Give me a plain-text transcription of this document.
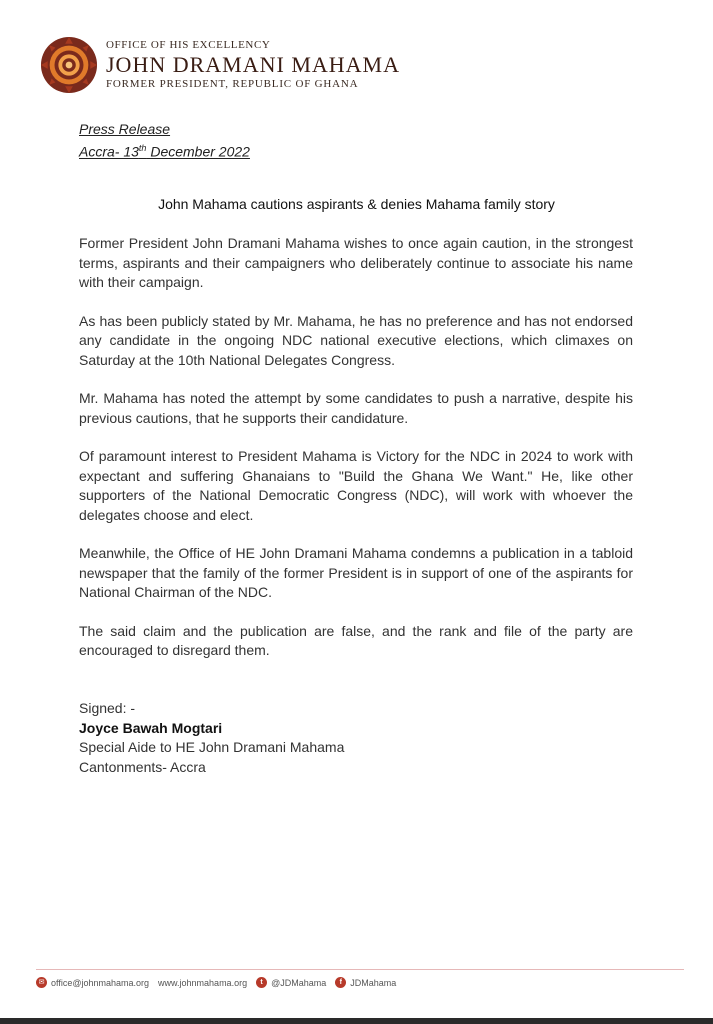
OFFICE OF HIS EXCELLENCY
JOHN DRAMANI MAHAMA
FORMER PRESIDENT, REPUBLIC OF GHANA
Press Release
Accra- 13th December 2022
John Mahama cautions aspirants & denies Mahama family story

Former President John Dramani Mahama wishes to once again caution, in the strongest terms, aspirants and their campaigners who deliberately continue to associate his name with their campaign.

As has been publicly stated by Mr. Mahama, he has no preference and has not endorsed any candidate in the ongoing NDC national executive elections, which climaxes on Saturday at the 10th National Delegates Congress.

Mr. Mahama has noted the attempt by some candidates to push a narrative, despite his previous cautions, that he supports their candidature.

Of paramount interest to President Mahama is Victory for the NDC in 2024 to work with expectant and suffering Ghanaians to "Build the Ghana We Want." He, like other supporters of the National Democratic Congress (NDC), will work with whoever the delegates choose and elect.

Meanwhile, the Office of HE John Dramani Mahama condemns a publication in a tabloid newspaper that the family of the former President is in support of one of the aspirants for National Chairman of the NDC.

The said claim and the publication are false, and the rank and file of the party are encouraged to disregard them.

Signed: -
Joyce Bawah Mogtari
Special Aide to HE John Dramani Mahama
Cantonments- Accra
✉ office@johnmahama.org www.johnmahama.org	t @JDMahama	f JDMahama
